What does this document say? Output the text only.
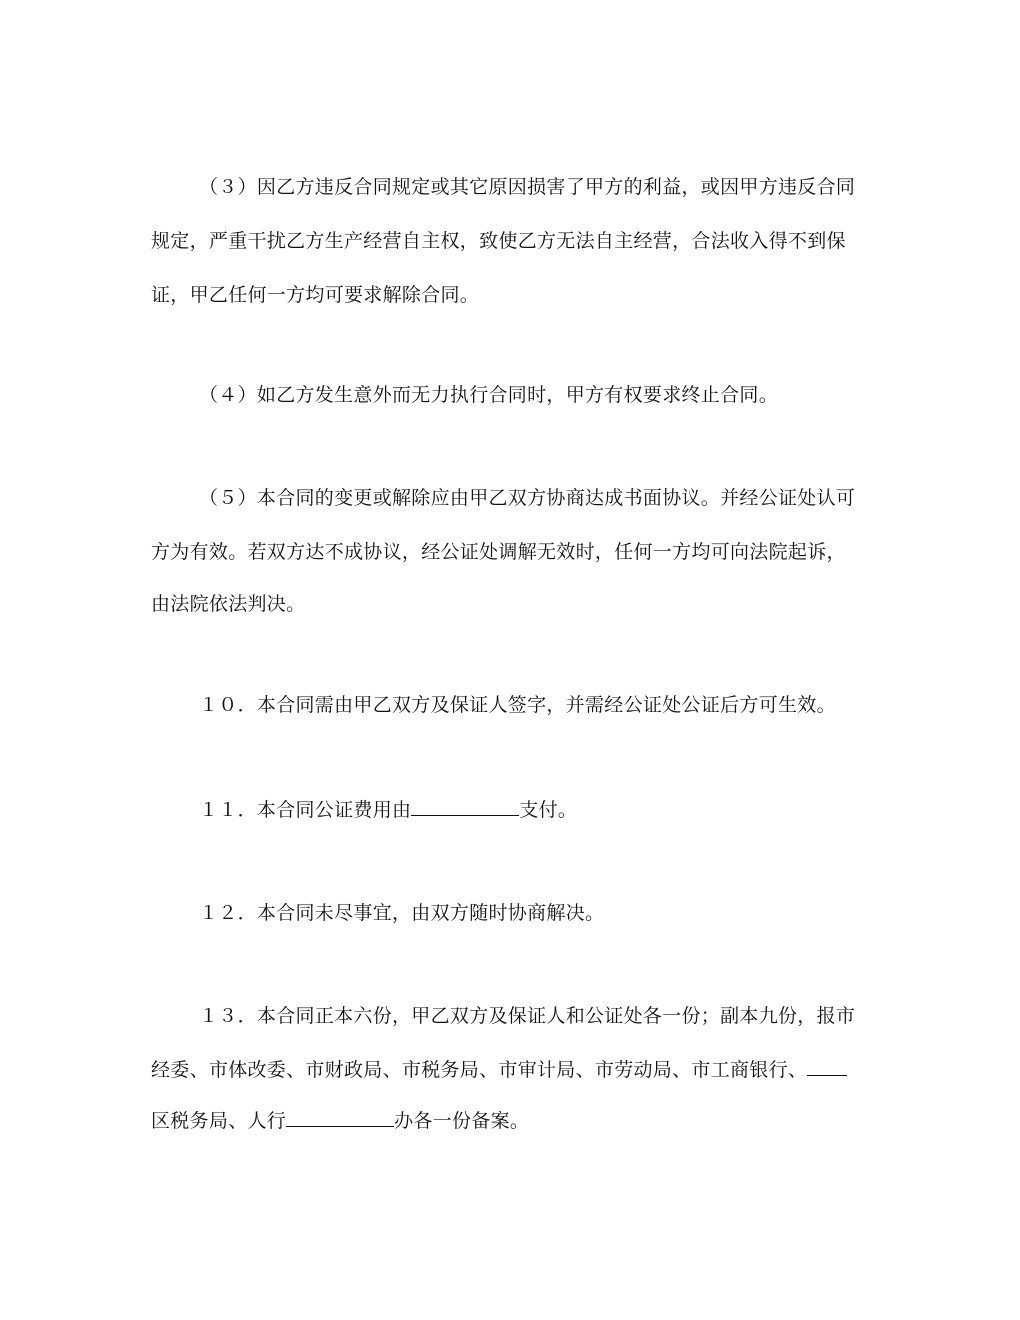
（３）因乙方违反合同规定或其它原因损害了甲方的利益，或因甲方违反合同
规定，严重干扰乙方生产经营自主权，致使乙方无法自主经营，合法收入得不到保
证，甲乙任何一方均可要求解除合同。
（４）如乙方发生意外而无力执行合同时，甲方有权要求终止合同。
（５）本合同的变更或解除应由甲乙双方协商达成书面协议。并经公证处认可
方为有效。若双方达不成协议，经公证处调解无效时，任何一方均可向法院起诉，
由法院依法判决。
１０．本合同需由甲乙双方及保证人签字，并需经公证处公证后方可生效。
１１．本合同公证费用由	支付。
１２．本合同未尽事宜，由双方随时协商解决。
１３．本合同正本六份，甲乙双方及保证人和公证处各一份；副本九份，报市
经委、市体改委、市财政局、市税务局、市审计局、市劳动局、市工商银行、
区税务局、人行	办各一份备案。
